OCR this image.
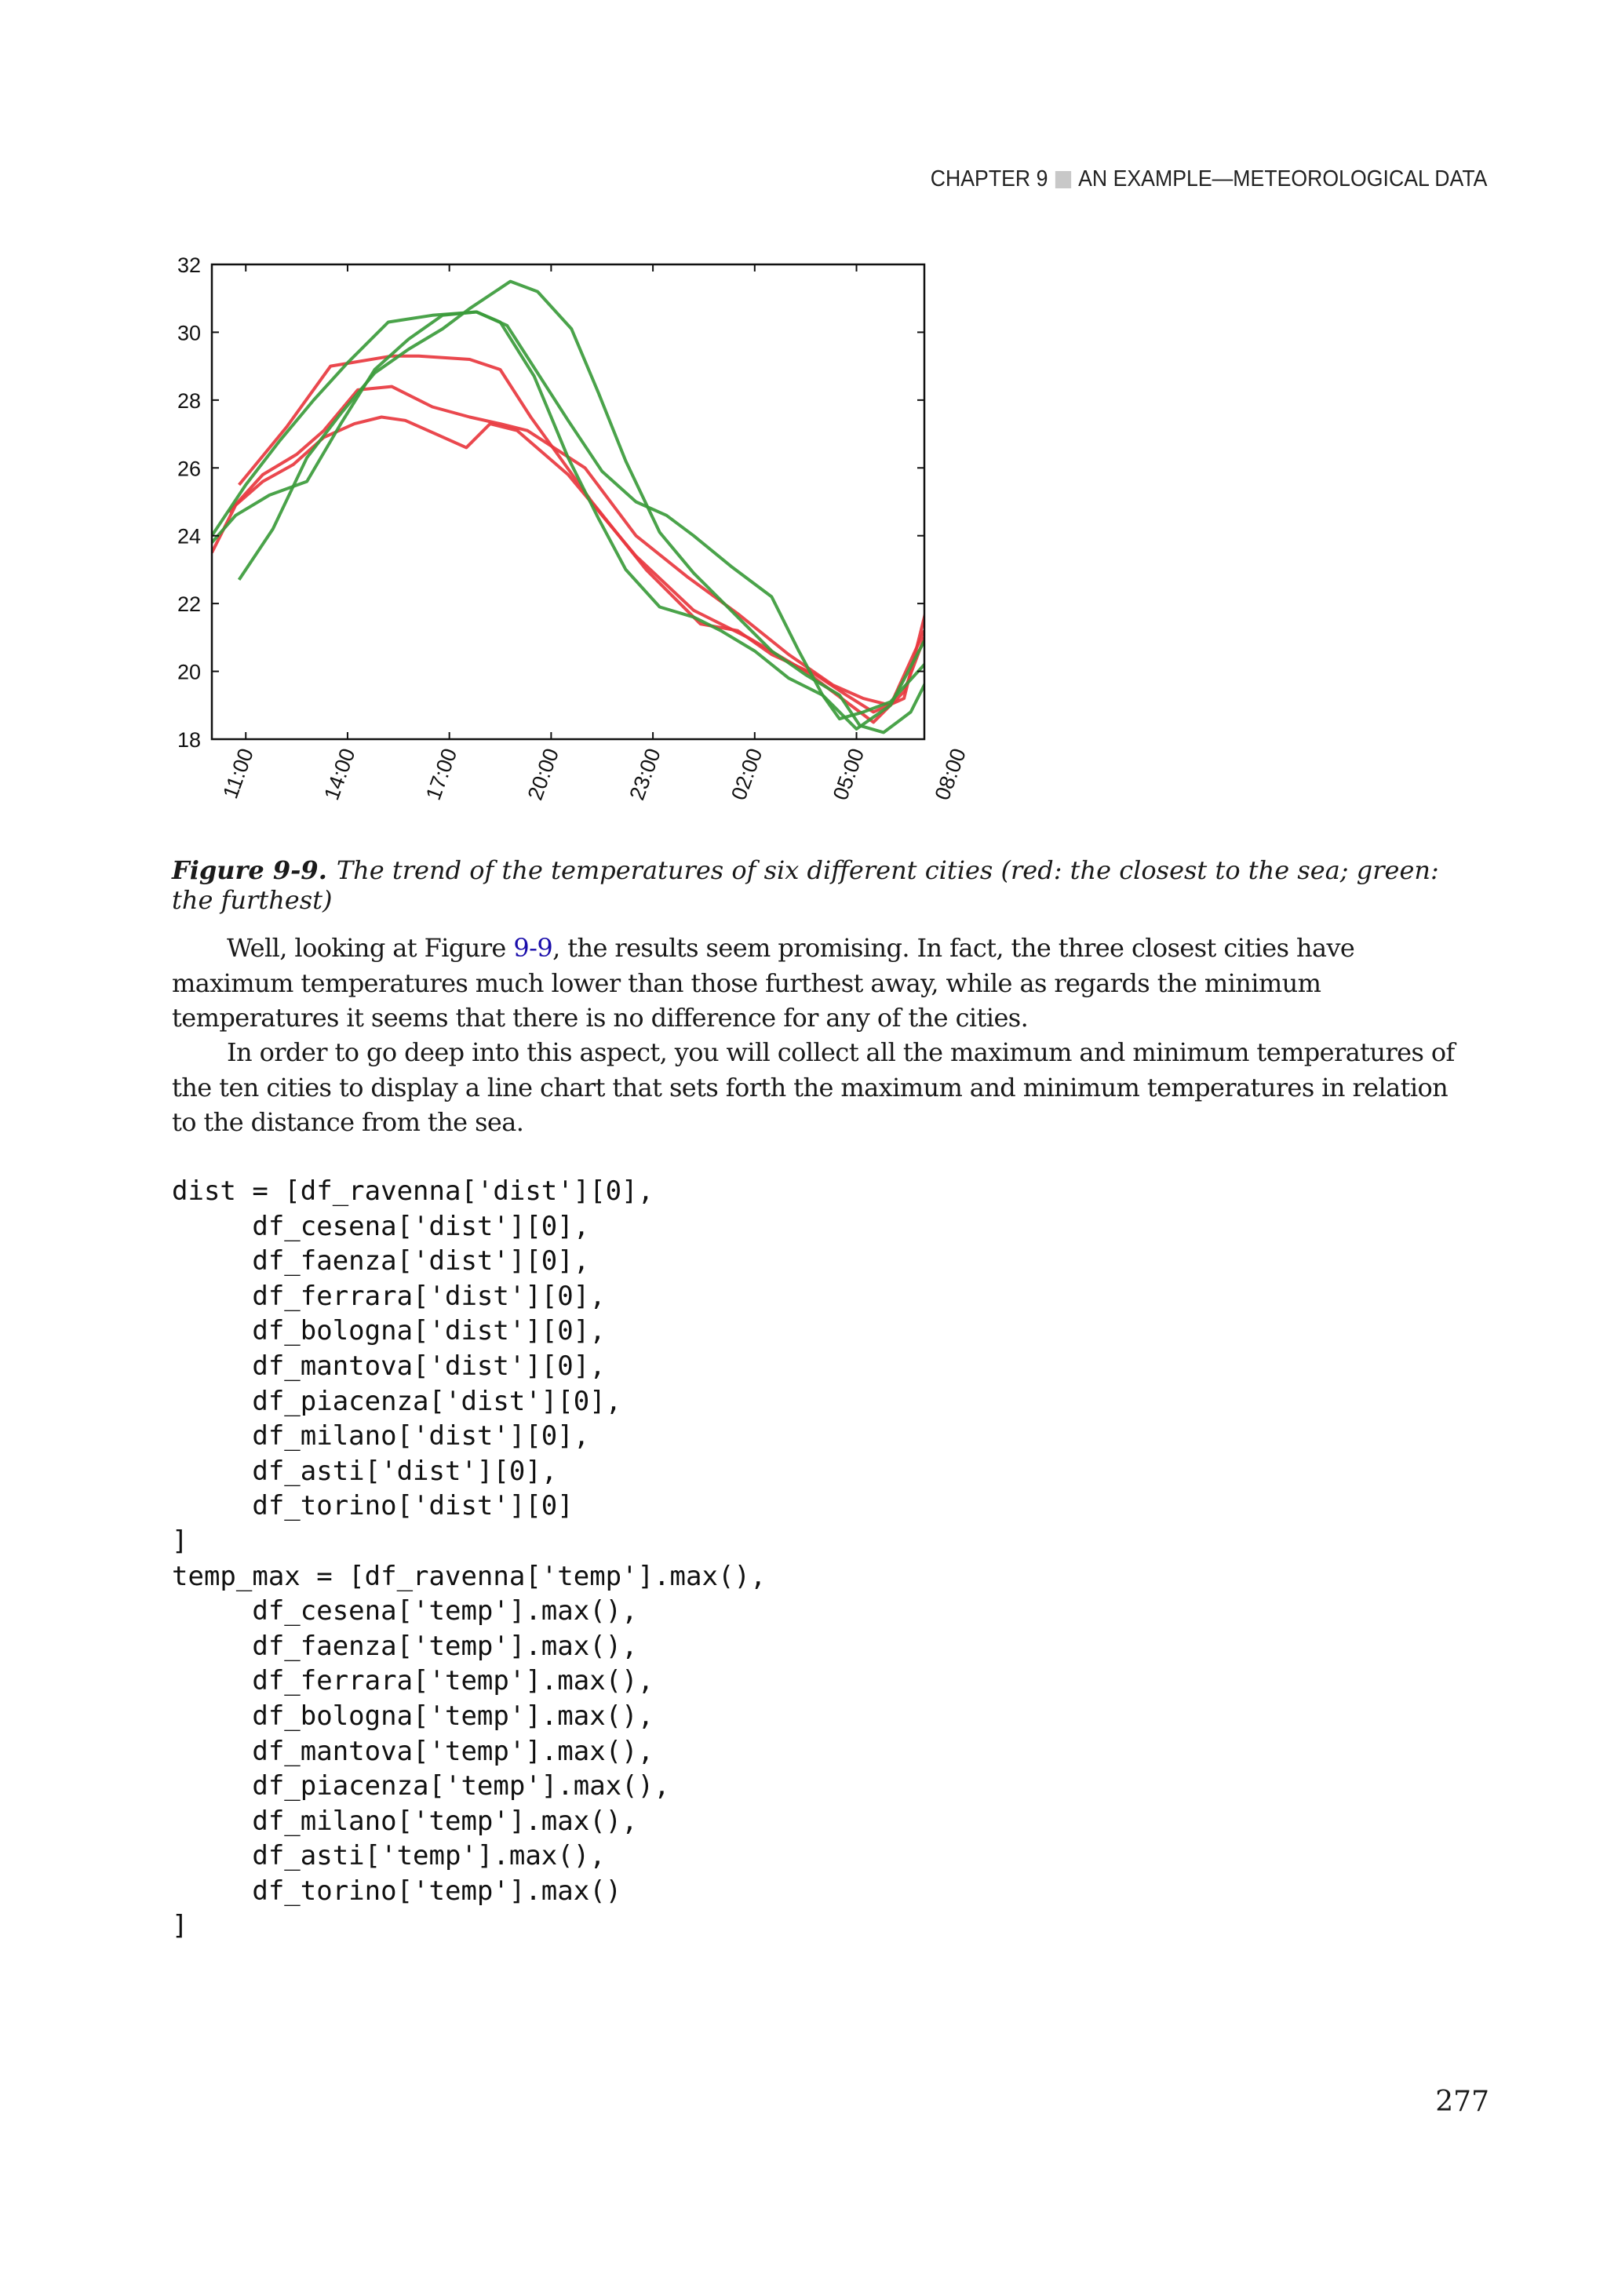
CHAPTER 9 AN EXAMPLE—METEOROLOGICAL DATA
18
20
22
24
26
28
30
32
11:00	14:00	17:00	20:00	23:00	02:00	05:00	08:00
Figure 9-9. The trend of the temperatures of six different cities (red: the closest to the sea; green: the furthest)

Well, looking at Figure 9-9, the results seem promising. In fact, the three closest cities have maximum temperatures much lower than those furthest away, while as regards the minimum temperatures it seems that there is no difference for any of the cities.

In order to go deep into this aspect, you will collect all the maximum and minimum temperatures of the ten cities to display a line chart that sets forth the maximum and minimum temperatures in relation to the distance from the sea.

dist = [df_ravenna['dist'][0],
df_cesena['dist'][0],
df_faenza['dist'][0],
df_ferrara['dist'][0],
df_bologna['dist'][0],
df_mantova['dist'][0],
df_piacenza['dist'][0],
df_milano['dist'][0],
df_asti['dist'][0],
df_torino['dist'][0]
]
temp_max = [df_ravenna['temp'].max(),
df_cesena['temp'].max(),
df_faenza['temp'].max(),
df_ferrara['temp'].max(),
df_bologna['temp'].max(),
df_mantova['temp'].max(),
df_piacenza['temp'].max(),
df_milano['temp'].max(),
df_asti['temp'].max(),
df_torino['temp'].max()
]
277
